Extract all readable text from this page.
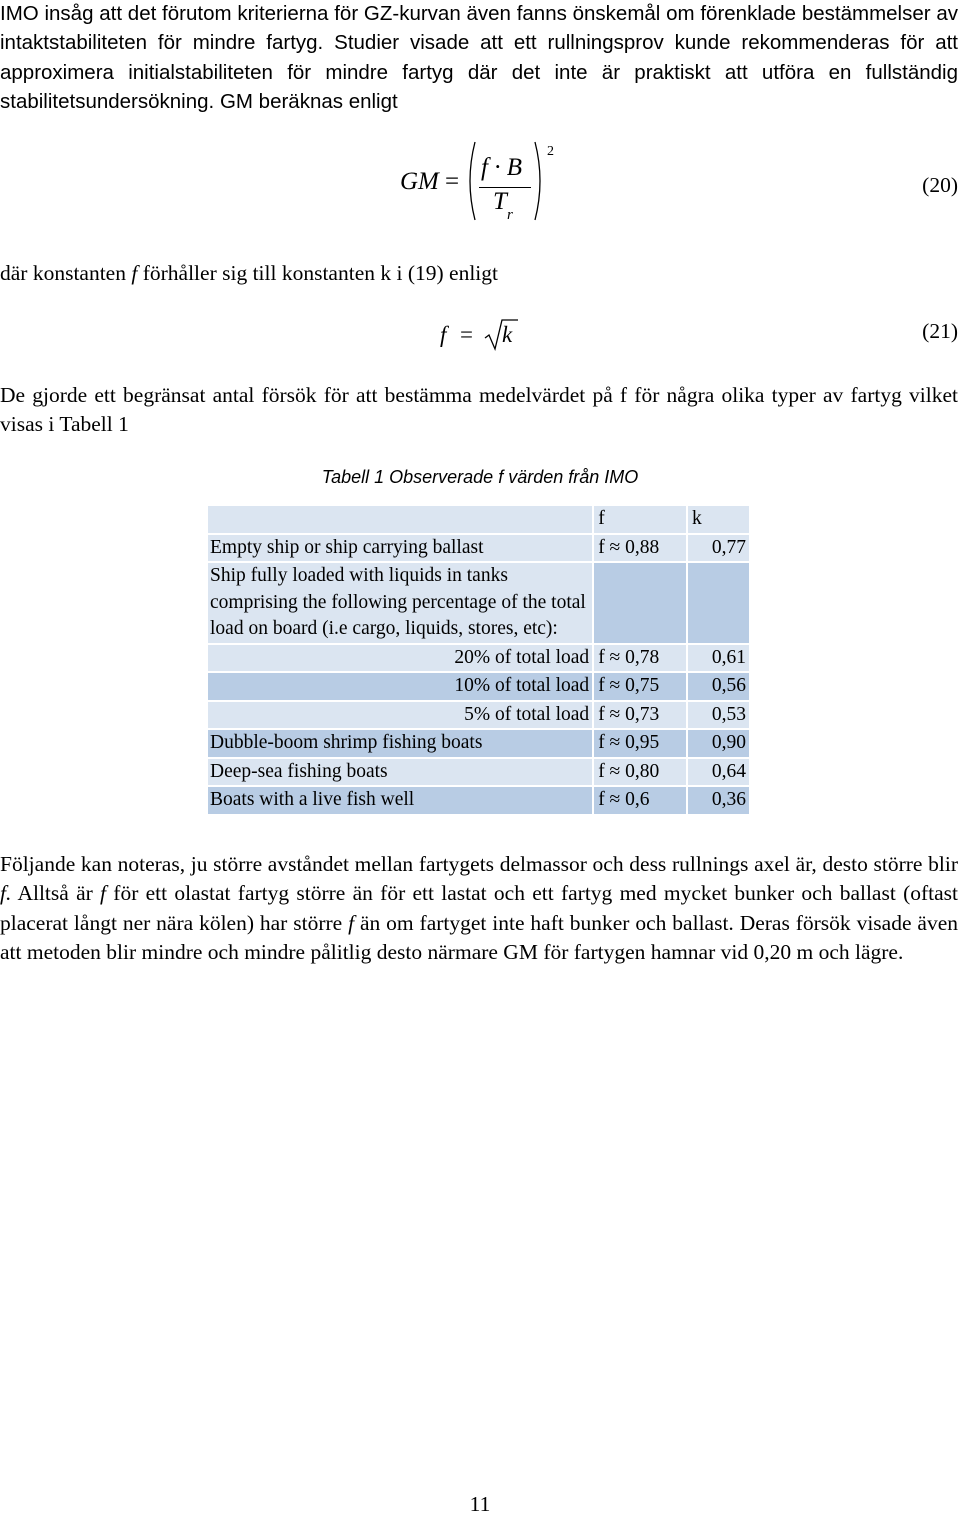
IMO insåg att det förutom kriterierna för GZ-kurvan även fanns önskemål om förenklade bestämmelser av intaktstabiliteten för mindre fartyg. Studier visade att ett rullningsprov kunde rekommenderas för att approximera initialstabiliteten för mindre fartyg där det inte är praktiskt att utföra en fullständig stabilitetsundersökning. GM beräknas enligt

GM =
f · B
T r
2
(20)

där konstanten f förhåller sig till konstanten k i (19) enligt

f = k	(21)

De gjorde ett begränsat antal försök för att bestämma medelvärdet på f för några olika typer av fartyg vilket visas i Tabell 1

Tabell 1 Observerade f värden från IMO
	f	k
Empty ship or ship carrying ballast	f ≈ 0,88	0,77
Ship fully loaded with liquids in tanks comprising the following percentage of the total load on board (i.e cargo, liquids, stores, etc):		
20% of total load	f ≈ 0,78	0,61
10% of total load	f ≈ 0,75	0,56
5% of total load	f ≈ 0,73	0,53
Dubble-boom shrimp fishing boats	f ≈ 0,95	0,90
Deep-sea fishing boats	f ≈ 0,80	0,64
Boats with a live fish well	f ≈ 0,6	0,36

Följande kan noteras, ju större avståndet mellan fartygets delmassor och dess rullnings axel är, desto större blir f. Alltså är f för ett olastat fartyg större än för ett lastat och ett fartyg med mycket bunker och ballast (oftast placerat långt ner nära kölen) har större f än om fartyget inte haft bunker och ballast. Deras försök visade även att metoden blir mindre och mindre pålitlig desto närmare GM för fartygen hamnar vid 0,20 m och lägre.

11
